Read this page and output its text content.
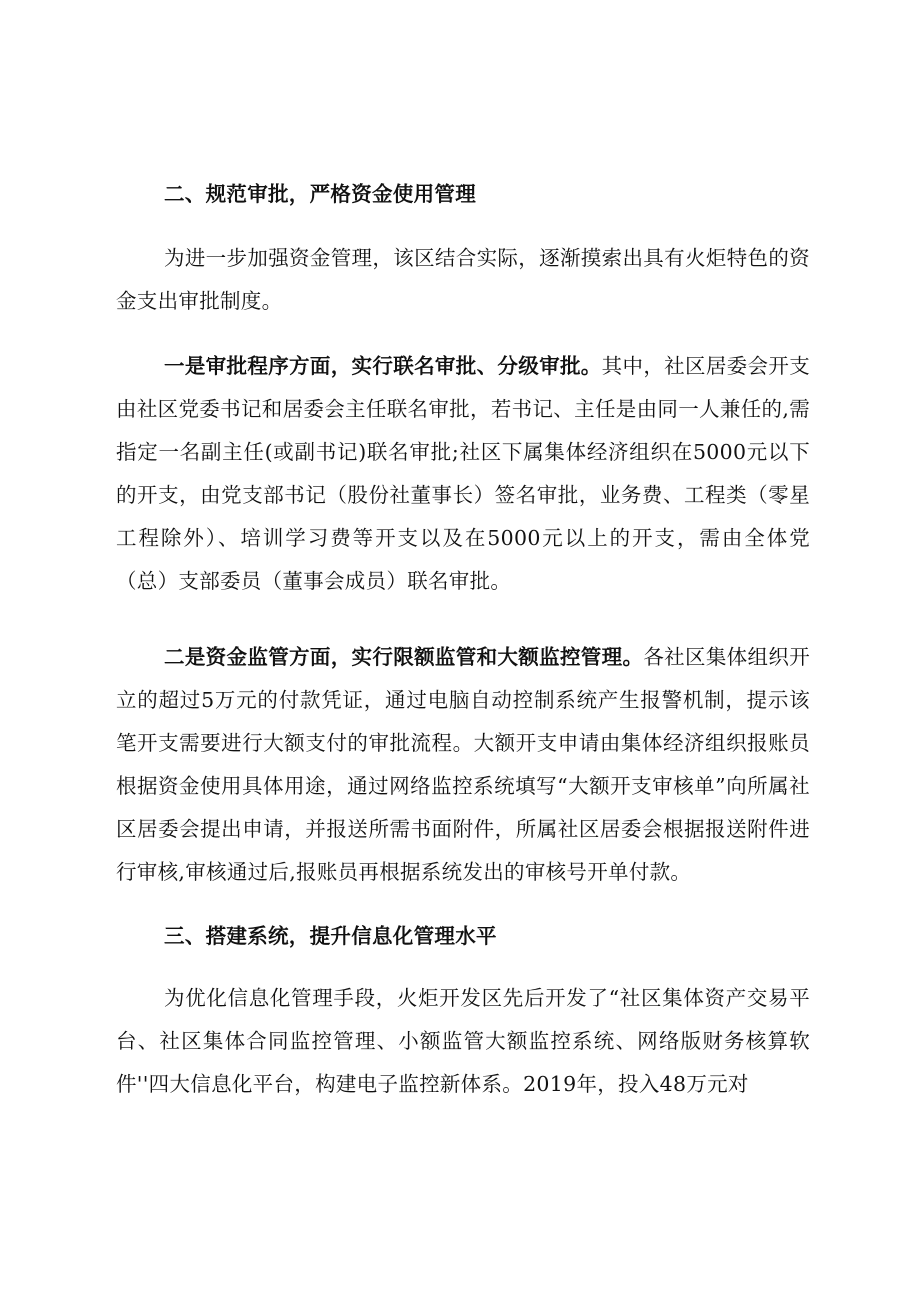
二、规范审批，严格资金使用管理

为进一步加强资金管理，该区结合实际，逐渐摸索出具有火炬特色的资金支出审批制度。

一是审批程序方面，实行联名审批、分级审批。其中，社区居委会开支由社区党委书记和居委会主任联名审批，若书记、主任是由同一人兼任的,需指定一名副主任(或副书记)联名审批;社区下属集体经济组织在5000元以下的开支，由党支部书记（股份社董事长）签名审批，业务费、工程类（零星工程除外）、培训学习费等开支以及在5000元以上的开支，需由全体党（总）支部委员（董事会成员）联名审批。

二是资金监管方面，实行限额监管和大额监控管理。各社区集体组织开立的超过5万元的付款凭证，通过电脑自动控制系统产生报警机制，提示该笔开支需要进行大额支付的审批流程。大额开支申请由集体经济组织报账员根据资金使用具体用途，通过网络监控系统填写“大额开支审核单”向所属社区居委会提出申请，并报送所需书面附件，所属社区居委会根据报送附件进行审核,审核通过后,报账员再根据系统发出的审核号开单付款。

三、搭建系统，提升信息化管理水平

为优化信息化管理手段，火炬开发区先后开发了“社区集体资产交易平台、社区集体合同监控管理、小额监管大额监控系统、网络版财务核算软件''四大信息化平台，构建电子监控新体系。2019年，投入48万元对
